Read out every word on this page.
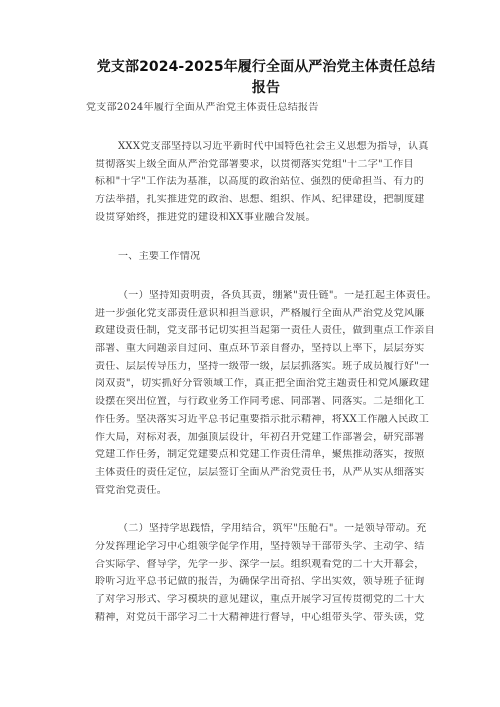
党支部2024-2025年履行全面从严治党主体责任总结报告
党支部2024年履行全面从严治党主体责任总结报告
XXX党支部坚持以习近平新时代中国特色社会主义思想为指导，认真
贯彻落实上级全面从严治党部署要求，以贯彻落实党组"十二字"工作目
标和"十字"工作法为基准，以高度的政治站位、强烈的使命担当、有力的
方法举措，扎实推进党的政治、思想、组织、作风、纪律建设，把制度建
设贯穿始终，推进党的建设和XX事业融合发展。
一、主要工作情况
（一）坚持知责明责，各负其责，绷紧"责任链"。一是扛起主体责任。
进一步强化党支部责任意识和担当意识，严格履行全面从严治党及党风廉
政建设责任制，党支部书记切实担当起第一责任人责任，做到重点工作亲自
部署、重大问题亲自过问、重点环节亲自督办，坚持以上率下，层层夯实
责任、层层传导压力，坚持一级带一级，层层抓落实。班子成员履行好"一
岗双责"，切实抓好分管领域工作，真正把全面治党主题责任和党风廉政建
设摆在突出位置，与行政业务工作同考虑、同部署、同落实。二是细化工
作任务。坚决落实习近平总书记重要指示批示精神，将XX工作融入民政工
作大局，对标对表，加强顶层设计，年初召开党建工作部署会，研究部署
党建工作任务，制定党建要点和党建工作责任清单，聚焦推动落实，按照
主体责任的责任定位，层层签订全面从严治党责任书，从严从实从细落实
管党治党责任。
（二）坚持学思践悟，学用结合，筑牢"压舱石"。一是领导带动。充
分发挥理论学习中心组领学促学作用，坚持领导干部带头学、主动学、结
合实际学、督导学，先学一步、深学一层。组织观看党的二十大开幕会，
聆听习近平总书记做的报告，为确保学出奇招、学出实效，领导班子征询
了对学习形式、学习模块的意见建议，重点开展学习宣传贯彻党的二十大
精神，对党员干部学习二十大精神进行督导，中心组带头学、带头读，党
